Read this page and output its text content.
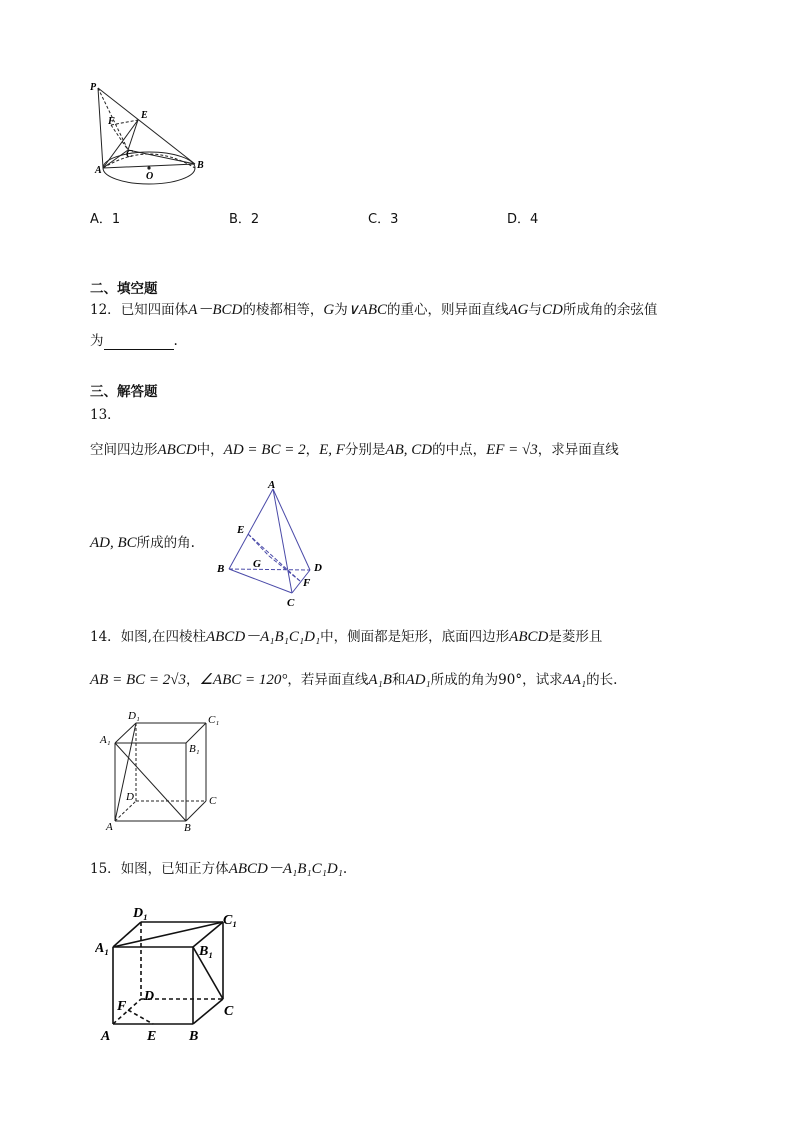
P
E
F
C
A
O
B
A．1	B．2	C．3	D．4
二、填空题
12．已知四面体A－BCD的棱都相等，G为∨ABC的重心，则异面直线AG与CD所成角的余弦值
为	.
三、解答题
13．
空间四边形ABCD中，AD = BC = 2，E, F分别是AB, CD的中点，EF = √3，求异面直线
AD, BC所成的角.
A
E
G
B	D
F
C
14．如图,在四棱柱ABCD－A₁B₁C₁D₁中，侧面都是矩形，底面四边形ABCD是菱形且
AB = BC = 2√3，∠ABC = 120°，若异面直线A₁B和AD₁所成的角为90°，试求AA₁的长.
D₁	C₁
A₁
B₁
D	C
A	B
15．如图，已知正方体ABCD－A₁B₁C₁D₁.
D₁	C₁
A₁	B₁
F
D
C
A	E B
